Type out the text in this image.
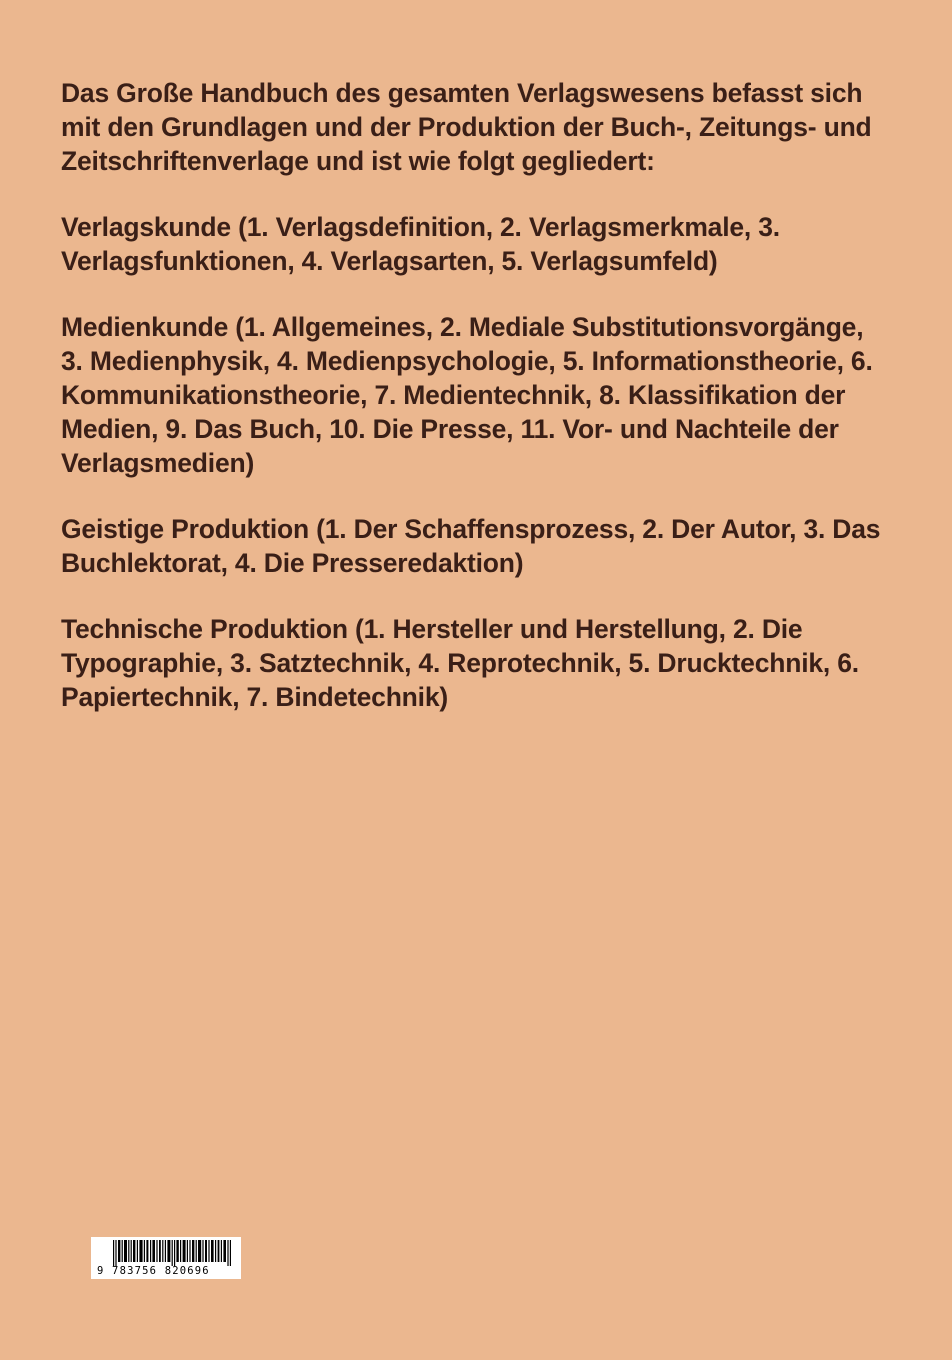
Das Große Handbuch des gesamten Verlagswesens befasst sich mit den Grundlagen und der Produktion der Buch-, Zeitungs- und Zeitschriftenverlage und ist wie folgt gegliedert:

Verlagskunde (1. Verlagsdefinition, 2. Verlagsmerkmale, 3. Verlagsfunktionen, 4. Verlagsarten, 5. Verlagsumfeld)

Medienkunde (1. Allgemeines, 2. Mediale Substitutionsvorgänge, 3. Medienphysik, 4. Medienpsychologie, 5. Informationstheorie, 6. Kommunikationstheorie, 7. Medientechnik, 8. Klassifikation der Medien, 9. Das Buch, 10. Die Presse, 11. Vor- und Nachteile der Verlagsmedien)

Geistige Produktion (1. Der Schaffensprozess, 2. Der Autor, 3. Das Buchlektorat, 4. Die Presseredaktion)

Technische Produktion (1. Hersteller und Herstellung, 2. Die Typographie, 3. Satztechnik, 4. Reprotechnik, 5. Drucktechnik, 6. Papiertechnik, 7. Bindetechnik)

9 783756 820696
